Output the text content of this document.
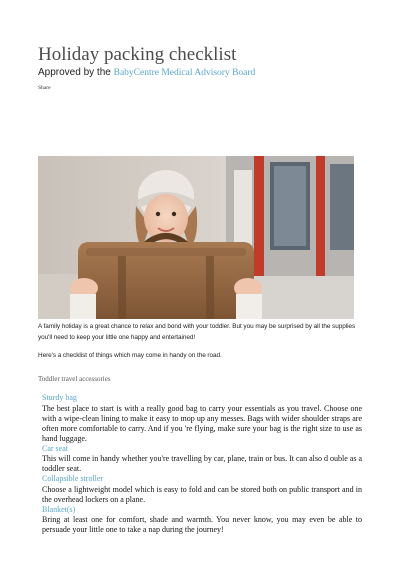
Holiday packing checklist

Approved by the BabyCentre Medical Advisory Board

Share

A family holiday is a great chance to relax and bond with your toddler. But you may be surprised by all the supplies you'll need to keep your little one happy and entertained!

Here's a checklist of things which may come in handy on the road.

Toddler travel accessories

Sturdy bag

The best place to start is with a really good bag to carry your essentials as you travel. Choose one with a wipe-clean lining to make it easy to mop up any messes. Bags with wider shoulder straps are often more comfortable to carry. And if you 're flying, make sure your bag is the right size to use as hand luggage.

Car seat

This will come in handy whether you're travelling by car, plane, train or bus. It can also d ouble as a toddler seat.

Collapsible stroller

Choose a lightweight model which is easy to fold and can be stored both on public transport and in the overhead lockers on a plane.

Blanket(s)

Bring at least one for comfort, shade and warmth. You never know, you may even be able to persuade your little one to take a nap during the journey!
